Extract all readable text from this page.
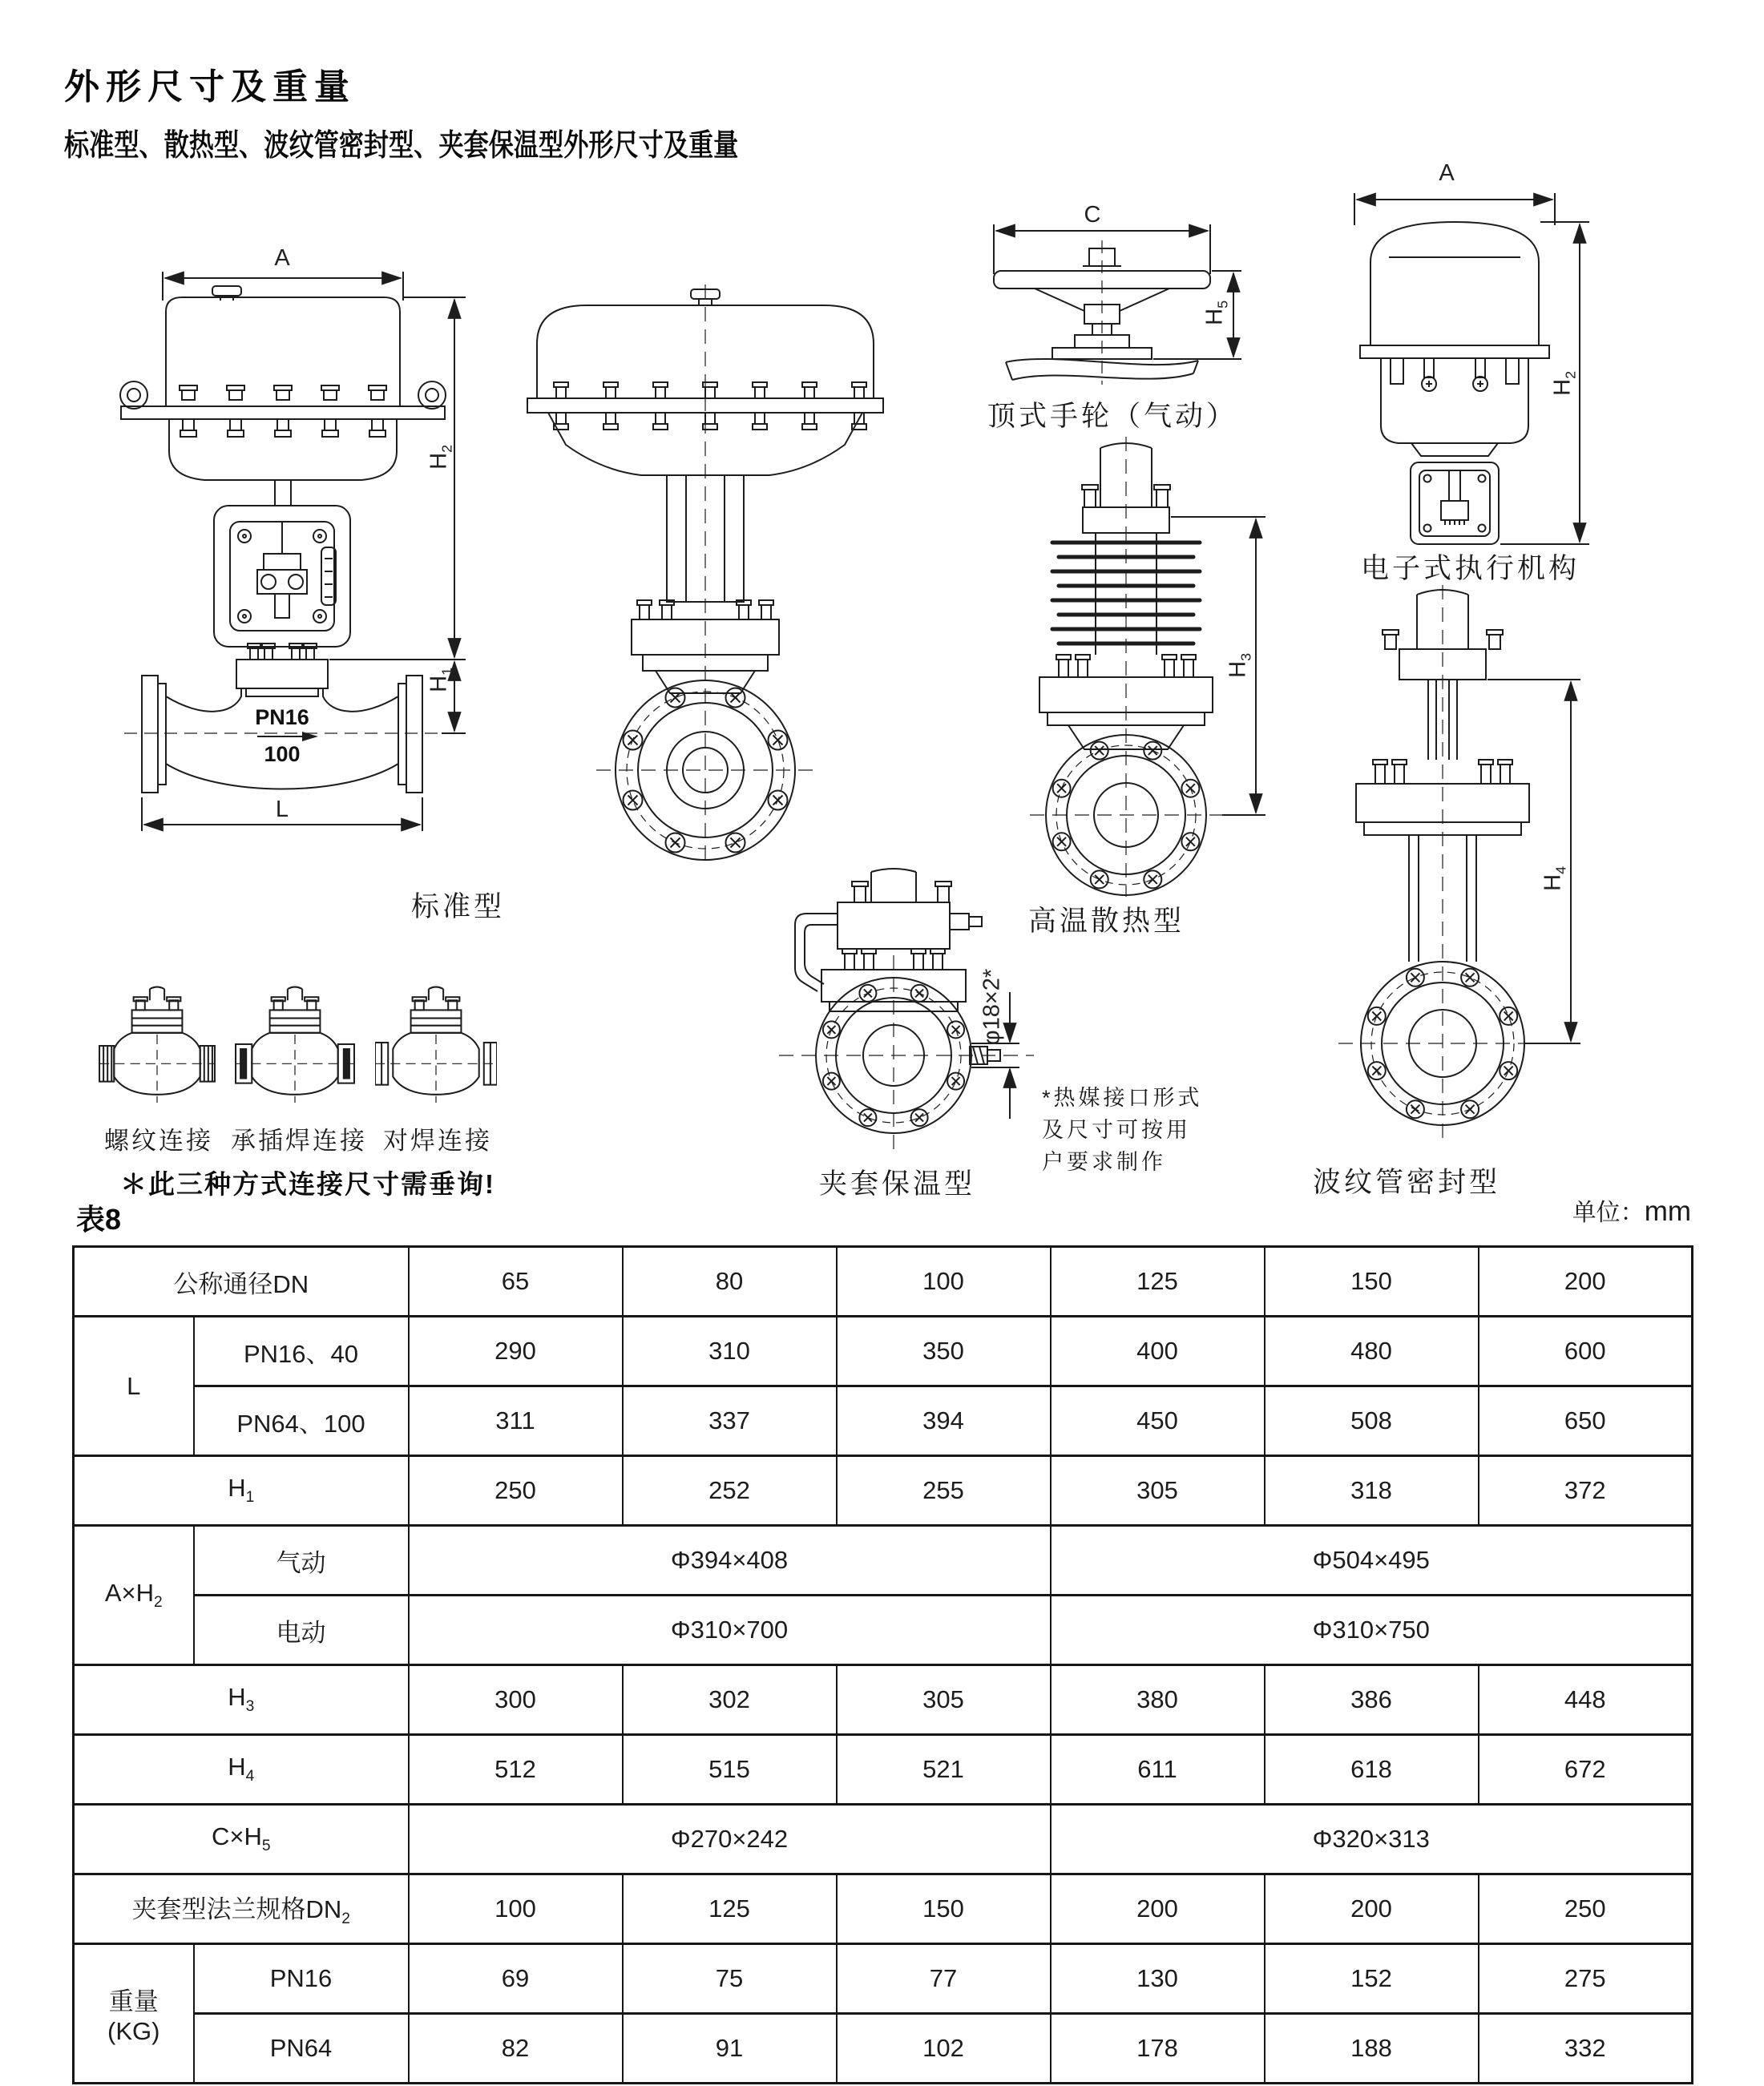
外形尺寸及重量
标准型、散热型、波纹管密封型、夹套保温型外形尺寸及重量
A
L
$H_2$
$H_1$
PN16
100
标准型
C
$H_5$
顶式手轮（气动）
$H_3$
高温散热型
A
$H_2$
电子式执行机构
$H_4$
波纹管密封型
φ18×2*
*热媒接口形式
及尺寸可按用
户要求制作
夹套保温型
螺纹连接 承插焊连接 对焊连接
＊此三种方式连接尺寸需垂询!
表8	单位：mm
公称通径DN		65	80	100	125	150	200
L	PN16、40	290	310	350	400	480	600
	PN64、100	311	337	394	450	508	650
$H_1$		250	252	255	305	318	372
$A\times H_2$	气动	Φ394×408			Φ504×495		
	电动	Φ310×700			Φ310×750		
$H_3$		300	302	305	380	386	448
$H_4$		512	515	521	611	618	672
$C\times H_5$		Φ270×242			Φ320×313		
夹套型法兰规格$DN_2$		100	125	150	200	200	250

重量
(KG)	PN16	69	75	77	130	152	275
	PN64	82	91	102	178	188	332
